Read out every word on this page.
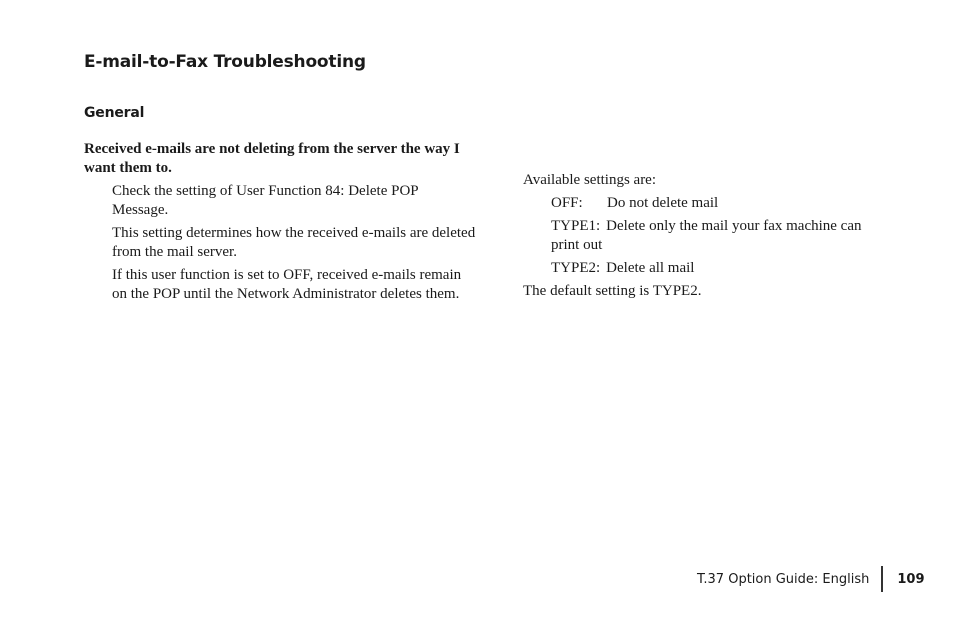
E-mail-to-Fax Troubleshooting
General

Received e-mails are not deleting from the server the way I want them to.

Check the setting of User Function 84: Delete POP Message.

This setting determines how the received e-mails are deleted from the mail server.

If this user function is set to OFF, received e-mails remain on the POP until the Network Administrator deletes them.

Available settings are:

OFF: Do not delete mail

TYPE1: Delete only the mail your fax machine can print out

TYPE2: Delete all mail

The default setting is TYPE2.

T.37 Option Guide: English 109
